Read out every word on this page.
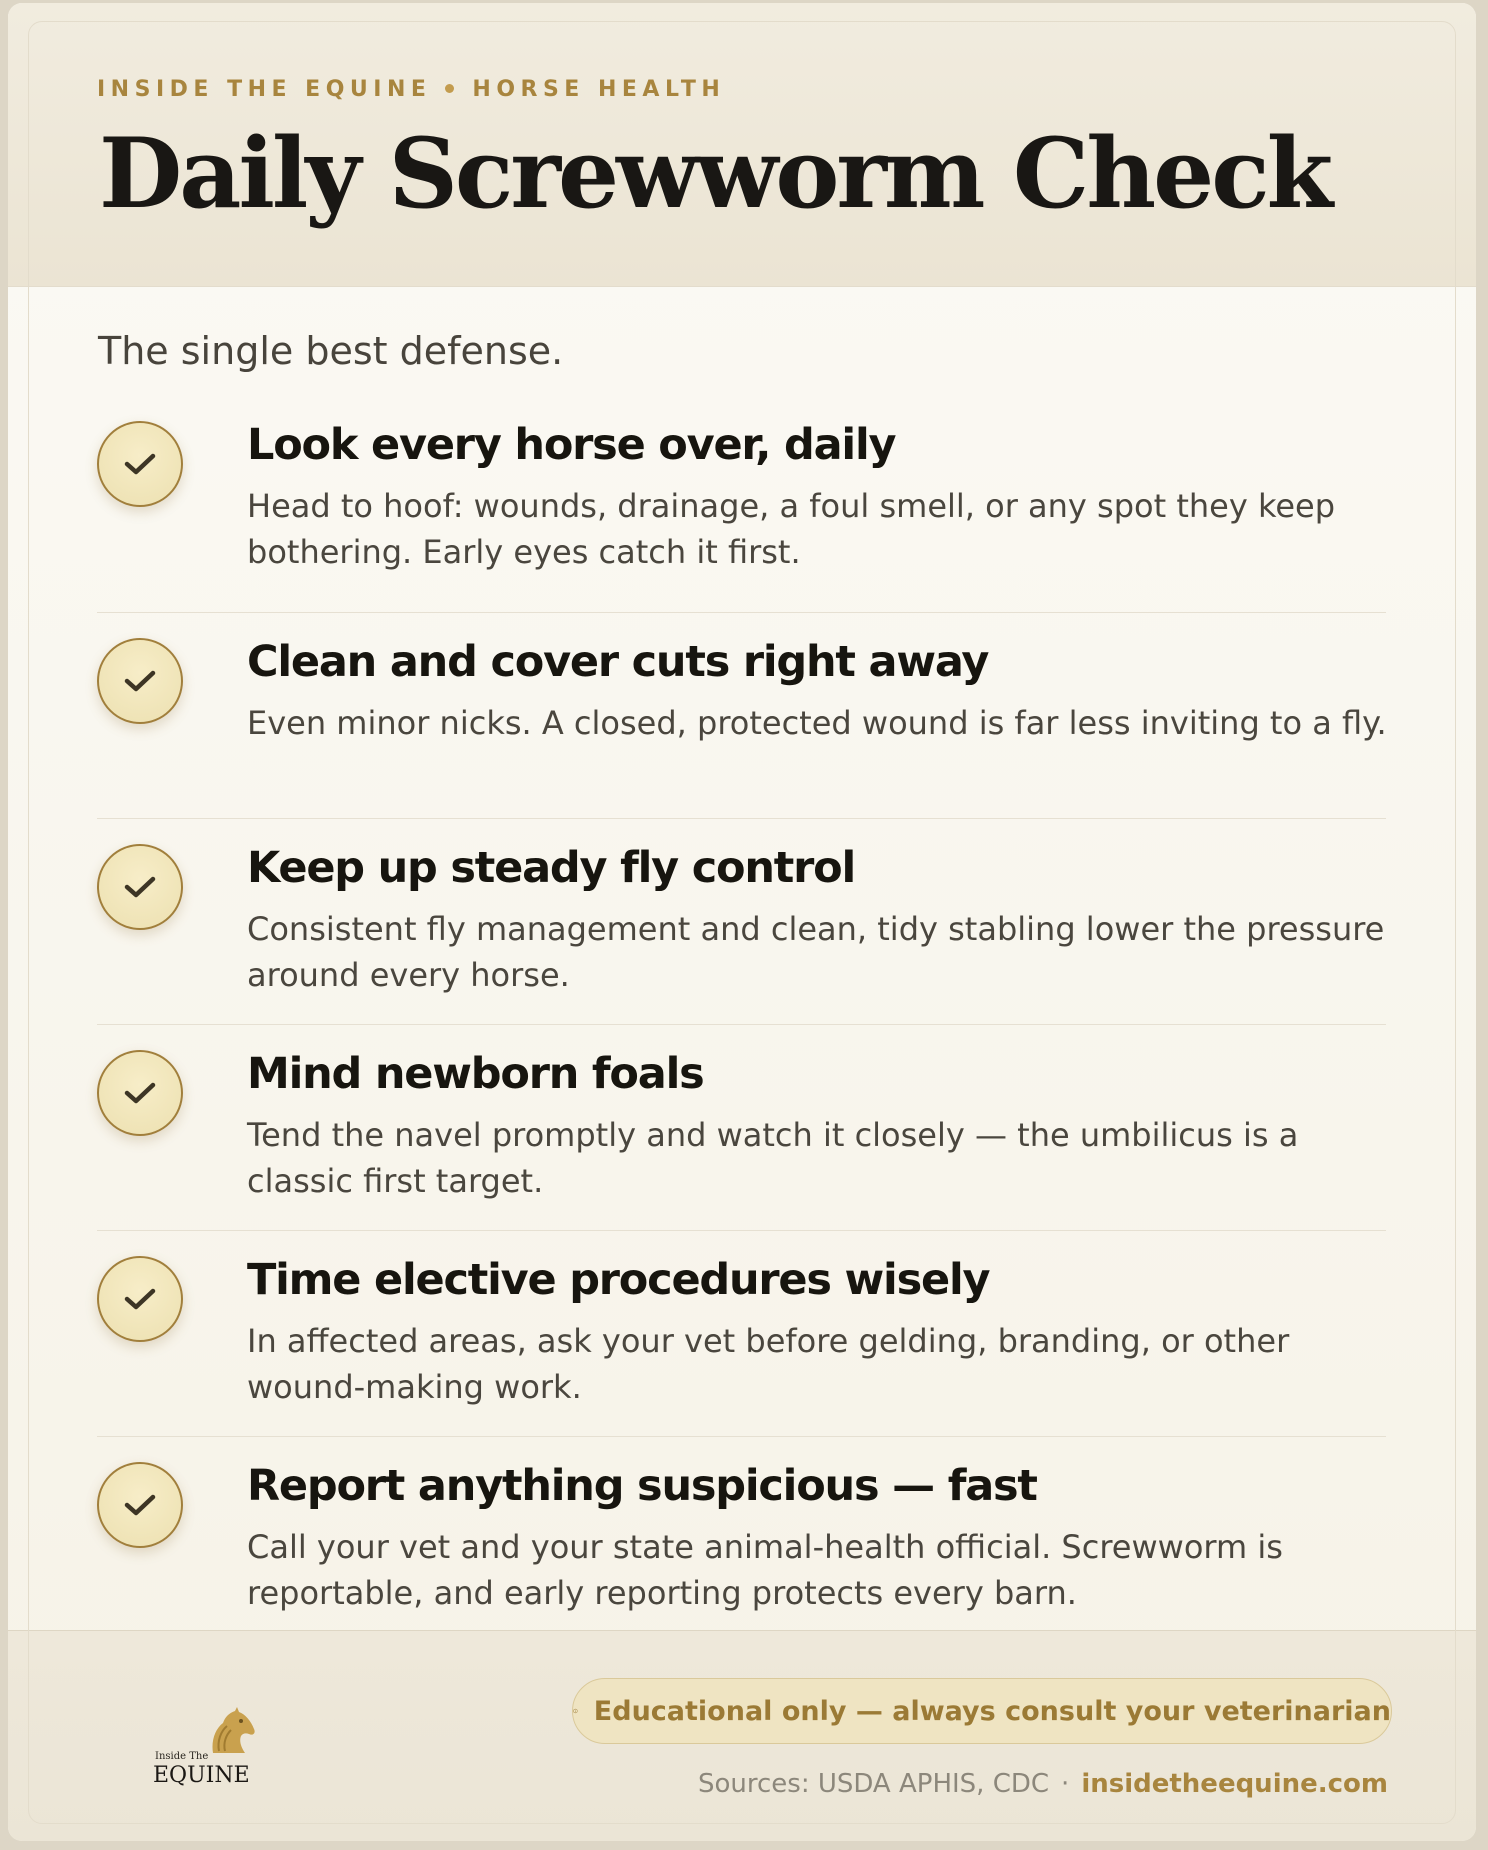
INSIDE THE EQUINE HORSE HEALTH
Daily Screwworm Check
The single best defense.
Look every horse over, daily
Head to hoof: wounds, drainage, a foul smell, or any spot they keep bothering. Early eyes catch it first.
Clean and cover cuts right away
Even minor nicks. A closed, protected wound is far less inviting to a fly.
Keep up steady fly control
Consistent fly management and clean, tidy stabling lower the pressure around every horse.
Mind newborn foals
Tend the navel promptly and watch it closely — the umbilicus is a classic first target.
Time elective procedures wisely
In affected areas, ask your vet before gelding, branding, or other wound-making work.
Report anything suspicious — fast
Call your vet and your state animal-health official. Screwworm is reportable, and early reporting protects every barn.
Inside The
EQUINE
Educational only — always consult your veterinarian
Sources: USDA APHIS, CDC · insidetheequine.com
